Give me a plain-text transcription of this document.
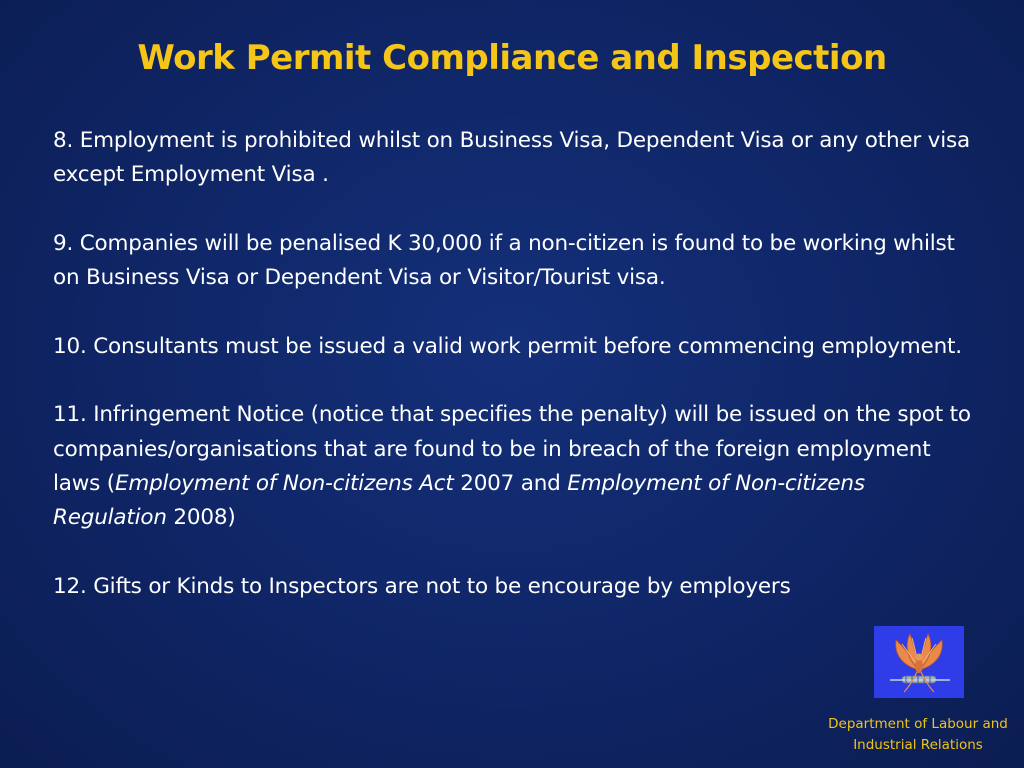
Work Permit Compliance and Inspection

8. Employment is prohibited whilst on Business Visa, Dependent Visa or any other visa except Employment Visa .

9. Companies will be penalised K 30,000 if a non-citizen is found to be working whilst on Business Visa or Dependent Visa or Visitor/Tourist visa.

10. Consultants must be issued a valid work permit before commencing employment.

11. Infringement Notice (notice that specifies the penalty) will be issued on the spot to companies/organisations that are found to be in breach of the foreign employment laws (Employment of Non-citizens Act 2007 and Employment of Non-citizens Regulation 2008)

12. Gifts or Kinds to Inspectors are not to be encourage by employers

Department of Labour and
Industrial Relations
